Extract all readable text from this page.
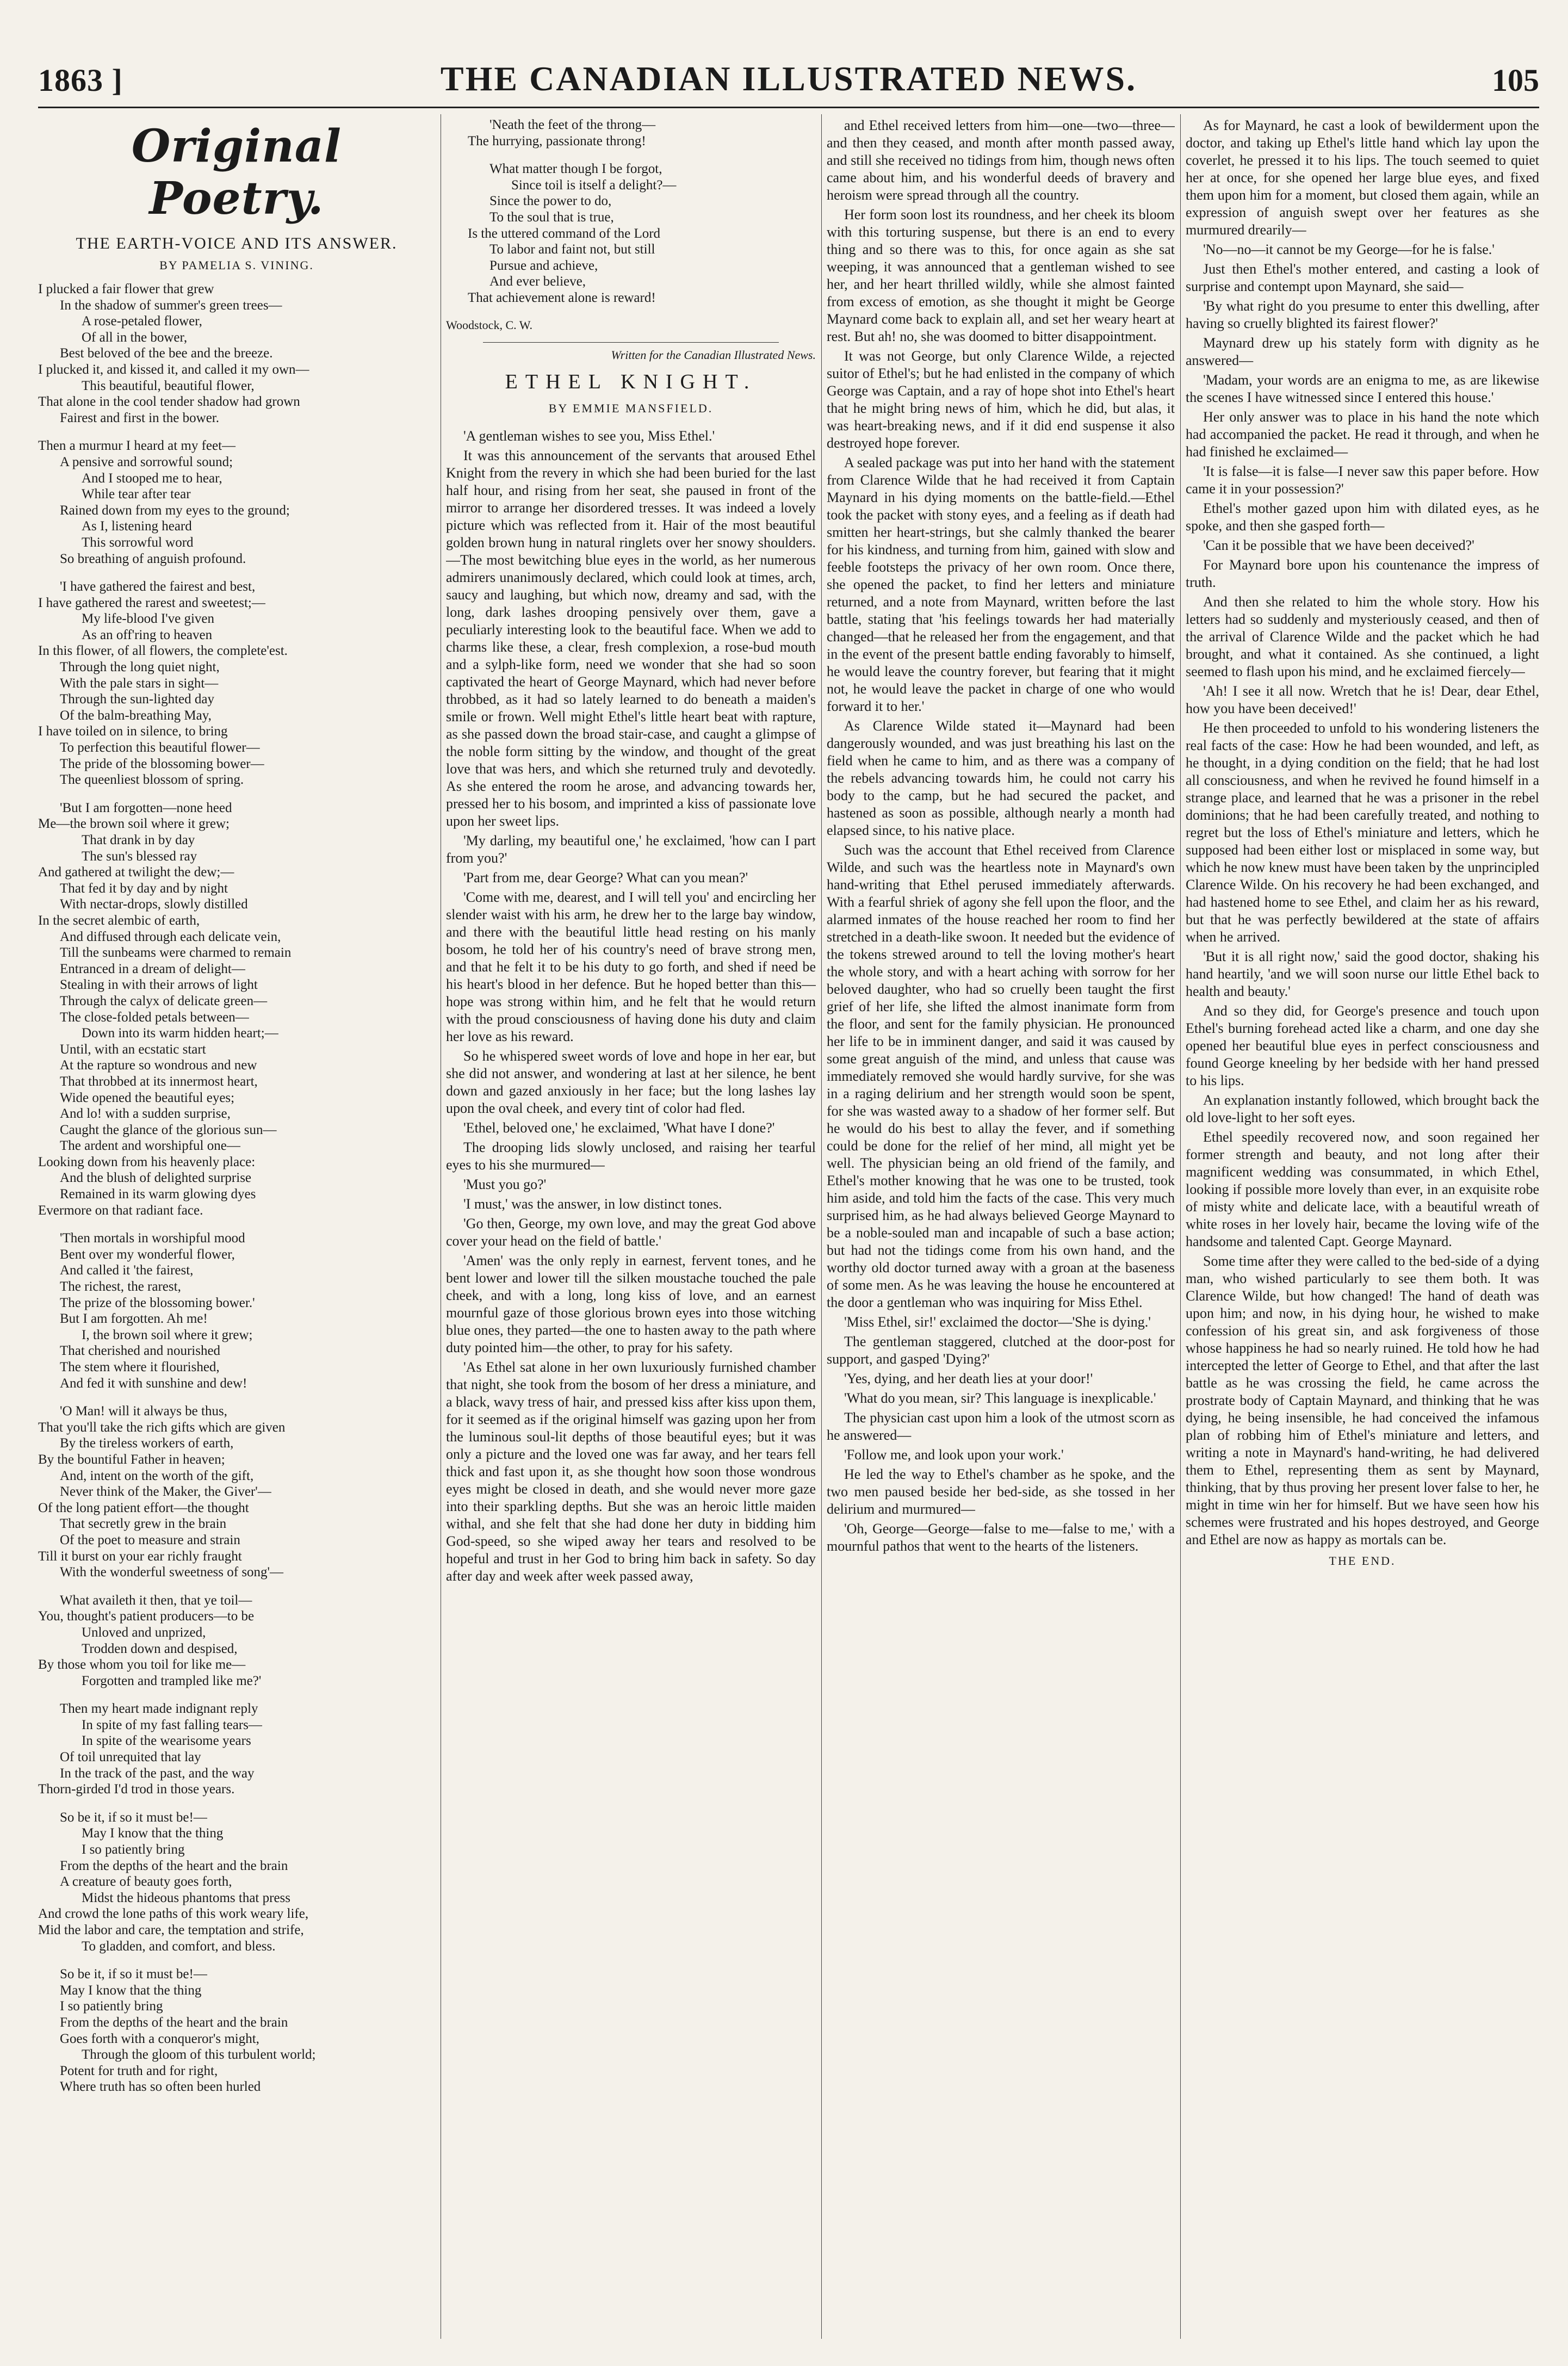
1863 ]	THE CANADIAN ILLUSTRATED NEWS.	105
Original Poetry.
THE EARTH-VOICE AND ITS ANSWER.
BY PAMELIA S. VINING.
I plucked a fair flower that grew
In the shadow of summer's green trees—
A rose-petaled flower,
Of all in the bower,
Best beloved of the bee and the breeze.
I plucked it, and kissed it, and called it my own—
This beautiful, beautiful flower,
That alone in the cool tender shadow had grown
Fairest and first in the bower.
Then a murmur I heard at my feet—
A pensive and sorrowful sound;
And I stooped me to hear,
While tear after tear
Rained down from my eyes to the ground;
As I, listening heard
This sorrowful word
So breathing of anguish profound.
'I have gathered the fairest and best,
I have gathered the rarest and sweetest;—
My life-blood I've given
As an off'ring to heaven
In this flower, of all flowers, the complete'est.
Through the long quiet night,
With the pale stars in sight—
Through the sun-lighted day
Of the balm-breathing May,
I have toiled on in silence, to bring
To perfection this beautiful flower—
The pride of the blossoming bower—
The queenliest blossom of spring.
'But I am forgotten—none heed
Me—the brown soil where it grew;
That drank in by day
The sun's blessed ray
And gathered at twilight the dew;—
That fed it by day and by night
With nectar-drops, slowly distilled
In the secret alembic of earth,
And diffused through each delicate vein,
Till the sunbeams were charmed to remain
Entranced in a dream of delight—
Stealing in with their arrows of light
Through the calyx of delicate green—
The close-folded petals between—
Down into its warm hidden heart;—
Until, with an ecstatic start
At the rapture so wondrous and new
That throbbed at its innermost heart,
Wide opened the beautiful eyes;
And lo! with a sudden surprise,
Caught the glance of the glorious sun—
The ardent and worshipful one—
Looking down from his heavenly place:
And the blush of delighted surprise
Remained in its warm glowing dyes
Evermore on that radiant face.
'Then mortals in worshipful mood
Bent over my wonderful flower,
And called it 'the fairest,
The richest, the rarest,
The prize of the blossoming bower.'
But I am forgotten. Ah me!
I, the brown soil where it grew;
That cherished and nourished
The stem where it flourished,
And fed it with sunshine and dew!
'O Man! will it always be thus,
That you'll take the rich gifts which are given
By the tireless workers of earth,
By the bountiful Father in heaven;
And, intent on the worth of the gift,
Never think of the Maker, the Giver'—
Of the long patient effort—the thought
That secretly grew in the brain
Of the poet to measure and strain
Till it burst on your ear richly fraught
With the wonderful sweetness of song'—
What availeth it then, that ye toil—
You, thought's patient producers—to be
Unloved and unprized,
Trodden down and despised,
By those whom you toil for like me—
Forgotten and trampled like me?'
Then my heart made indignant reply
In spite of my fast falling tears—
In spite of the wearisome years
Of toil unrequited that lay
In the track of the past, and the way
Thorn-girded I'd trod in those years.
So be it, if so it must be!—
May I know that the thing
I so patiently bring
From the depths of the heart and the brain
A creature of beauty goes forth,
Midst the hideous phantoms that press
And crowd the lone paths of this work weary life,
Mid the labor and care, the temptation and strife,
To gladden, and comfort, and bless.
So be it, if so it must be!—
May I know that the thing
I so patiently bring
From the depths of the heart and the brain
Goes forth with a conqueror's might,
Through the gloom of this turbulent world;
Potent for truth and for right,
Where truth has so often been hurled
'Neath the feet of the throng—
The hurrying, passionate throng!
What matter though I be forgot,
Since toil is itself a delight?—
Since the power to do,
To the soul that is true,
Is the uttered command of the Lord
To labor and faint not, but still
Pursue and achieve,
And ever believe,
That achievement alone is reward!
Woodstock, C. W.
Written for the Canadian Illustrated News.
ETHEL KNIGHT.
BY EMMIE MANSFIELD.

'A gentleman wishes to see you, Miss Ethel.'

It was this announcement of the servants that aroused Ethel Knight from the revery in which she had been buried for the last half hour, and rising from her seat, she paused in front of the mirror to arrange her disordered tresses. It was indeed a lovely picture which was reflected from it. Hair of the most beautiful golden brown hung in natural ringlets over her snowy shoulders.—The most bewitching blue eyes in the world, as her numerous admirers unanimously declared, which could look at times, arch, saucy and laughing, but which now, dreamy and sad, with the long, dark lashes drooping pensively over them, gave a peculiarly interesting look to the beautiful face. When we add to charms like these, a clear, fresh complexion, a rose-bud mouth and a sylph-like form, need we wonder that she had so soon captivated the heart of George Maynard, which had never before throbbed, as it had so lately learned to do beneath a maiden's smile or frown. Well might Ethel's little heart beat with rapture, as she passed down the broad stair-case, and caught a glimpse of the noble form sitting by the window, and thought of the great love that was hers, and which she returned truly and devotedly. As she entered the room he arose, and advancing towards her, pressed her to his bosom, and imprinted a kiss of passionate love upon her sweet lips.

'My darling, my beautiful one,' he exclaimed, 'how can I part from you?'

'Part from me, dear George? What can you mean?'

'Come with me, dearest, and I will tell you' and encircling her slender waist with his arm, he drew her to the large bay window, and there with the beautiful little head resting on his manly bosom, he told her of his country's need of brave strong men, and that he felt it to be his duty to go forth, and shed if need be his heart's blood in her defence. But he hoped better than this—hope was strong within him, and he felt that he would return with the proud consciousness of having done his duty and claim her love as his reward.

So he whispered sweet words of love and hope in her ear, but she did not answer, and wondering at last at her silence, he bent down and gazed anxiously in her face; but the long lashes lay upon the oval cheek, and every tint of color had fled.

'Ethel, beloved one,' he exclaimed, 'What have I done?'

The drooping lids slowly unclosed, and raising her tearful eyes to his she murmured—

'Must you go?'

'I must,' was the answer, in low distinct tones.

'Go then, George, my own love, and may the great God above cover your head on the field of battle.'

'Amen' was the only reply in earnest, fervent tones, and he bent lower and lower till the silken moustache touched the pale cheek, and with a long, long kiss of love, and an earnest mournful gaze of those glorious brown eyes into those witching blue ones, they parted—the one to hasten away to the path where duty pointed him—the other, to pray for his safety.

'As Ethel sat alone in her own luxuriously furnished chamber that night, she took from the bosom of her dress a miniature, and a black, wavy tress of hair, and pressed kiss after kiss upon them, for it seemed as if the original himself was gazing upon her from the luminous soul-lit depths of those beautiful eyes; but it was only a picture and the loved one was far away, and her tears fell thick and fast upon it, as she thought how soon those wondrous eyes might be closed in death, and she would never more gaze into their sparkling depths. But she was an heroic little maiden withal, and she felt that she had done her duty in bidding him God-speed, so she wiped away her tears and resolved to be hopeful and trust in her God to bring him back in safety. So day after day and week after week passed away,

and Ethel received letters from him—one—two—three—and then they ceased, and month after month passed away, and still she received no tidings from him, though news often came about him, and his wonderful deeds of bravery and heroism were spread through all the country.

Her form soon lost its roundness, and her cheek its bloom with this torturing suspense, but there is an end to every thing and so there was to this, for once again as she sat weeping, it was announced that a gentleman wished to see her, and her heart thrilled wildly, while she almost fainted from excess of emotion, as she thought it might be George Maynard come back to explain all, and set her weary heart at rest. But ah! no, she was doomed to bitter disappointment.

It was not George, but only Clarence Wilde, a rejected suitor of Ethel's; but he had enlisted in the company of which George was Captain, and a ray of hope shot into Ethel's heart that he might bring news of him, which he did, but alas, it was heart-breaking news, and if it did end suspense it also destroyed hope forever.

A sealed package was put into her hand with the statement from Clarence Wilde that he had received it from Captain Maynard in his dying moments on the battle-field.—Ethel took the packet with stony eyes, and a feeling as if death had smitten her heart-strings, but she calmly thanked the bearer for his kindness, and turning from him, gained with slow and feeble footsteps the privacy of her own room. Once there, she opened the packet, to find her letters and miniature returned, and a note from Maynard, written before the last battle, stating that 'his feelings towards her had materially changed—that he released her from the engagement, and that in the event of the present battle ending favorably to himself, he would leave the country forever, but fearing that it might not, he would leave the packet in charge of one who would forward it to her.'

As Clarence Wilde stated it—Maynard had been dangerously wounded, and was just breathing his last on the field when he came to him, and as there was a company of the rebels advancing towards him, he could not carry his body to the camp, but he had secured the packet, and hastened as soon as possible, although nearly a month had elapsed since, to his native place.

Such was the account that Ethel received from Clarence Wilde, and such was the heartless note in Maynard's own hand-writing that Ethel perused immediately afterwards. With a fearful shriek of agony she fell upon the floor, and the alarmed inmates of the house reached her room to find her stretched in a death-like swoon. It needed but the evidence of the tokens strewed around to tell the loving mother's heart the whole story, and with a heart aching with sorrow for her beloved daughter, who had so cruelly been taught the first grief of her life, she lifted the almost inanimate form from the floor, and sent for the family physician. He pronounced her life to be in imminent danger, and said it was caused by some great anguish of the mind, and unless that cause was immediately removed she would hardly survive, for she was in a raging delirium and her strength would soon be spent, for she was wasted away to a shadow of her former self. But he would do his best to allay the fever, and if something could be done for the relief of her mind, all might yet be well. The physician being an old friend of the family, and Ethel's mother knowing that he was one to be trusted, took him aside, and told him the facts of the case. This very much surprised him, as he had always believed George Maynard to be a noble-souled man and incapable of such a base action; but had not the tidings come from his own hand, and the worthy old doctor turned away with a groan at the baseness of some men. As he was leaving the house he encountered at the door a gentleman who was inquiring for Miss Ethel.

'Miss Ethel, sir!' exclaimed the doctor—'She is dying.'

The gentleman staggered, clutched at the door-post for support, and gasped 'Dying?'

'Yes, dying, and her death lies at your door!'

'What do you mean, sir? This language is inexplicable.'

The physician cast upon him a look of the utmost scorn as he answered—

'Follow me, and look upon your work.'

He led the way to Ethel's chamber as he spoke, and the two men paused beside her bed-side, as she tossed in her delirium and murmured—

'Oh, George—George—false to me—false to me,' with a mournful pathos that went to the hearts of the listeners.

As for Maynard, he cast a look of bewilderment upon the doctor, and taking up Ethel's little hand which lay upon the coverlet, he pressed it to his lips. The touch seemed to quiet her at once, for she opened her large blue eyes, and fixed them upon him for a moment, but closed them again, while an expression of anguish swept over her features as she murmured drearily—

'No—no—it cannot be my George—for he is false.'

Just then Ethel's mother entered, and casting a look of surprise and contempt upon Maynard, she said—

'By what right do you presume to enter this dwelling, after having so cruelly blighted its fairest flower?'

Maynard drew up his stately form with dignity as he answered—

'Madam, your words are an enigma to me, as are likewise the scenes I have witnessed since I entered this house.'

Her only answer was to place in his hand the note which had accompanied the packet. He read it through, and when he had finished he exclaimed—

'It is false—it is false—I never saw this paper before. How came it in your possession?'

Ethel's mother gazed upon him with dilated eyes, as he spoke, and then she gasped forth—

'Can it be possible that we have been deceived?'

For Maynard bore upon his countenance the impress of truth.

And then she related to him the whole story. How his letters had so suddenly and mysteriously ceased, and then of the arrival of Clarence Wilde and the packet which he had brought, and what it contained. As she continued, a light seemed to flash upon his mind, and he exclaimed fiercely—

'Ah! I see it all now. Wretch that he is! Dear, dear Ethel, how you have been deceived!'

He then proceeded to unfold to his wondering listeners the real facts of the case: How he had been wounded, and left, as he thought, in a dying condition on the field; that he had lost all consciousness, and when he revived he found himself in a strange place, and learned that he was a prisoner in the rebel dominions; that he had been carefully treated, and nothing to regret but the loss of Ethel's miniature and letters, which he supposed had been either lost or misplaced in some way, but which he now knew must have been taken by the unprincipled Clarence Wilde. On his recovery he had been exchanged, and had hastened home to see Ethel, and claim her as his reward, but that he was perfectly bewildered at the state of affairs when he arrived.

'But it is all right now,' said the good doctor, shaking his hand heartily, 'and we will soon nurse our little Ethel back to health and beauty.'

And so they did, for George's presence and touch upon Ethel's burning forehead acted like a charm, and one day she opened her beautiful blue eyes in perfect consciousness and found George kneeling by her bedside with her hand pressed to his lips.

An explanation instantly followed, which brought back the old love-light to her soft eyes.

Ethel speedily recovered now, and soon regained her former strength and beauty, and not long after their magnificent wedding was consummated, in which Ethel, looking if possible more lovely than ever, in an exquisite robe of misty white and delicate lace, with a beautiful wreath of white roses in her lovely hair, became the loving wife of the handsome and talented Capt. George Maynard.

Some time after they were called to the bed-side of a dying man, who wished particularly to see them both. It was Clarence Wilde, but how changed! The hand of death was upon him; and now, in his dying hour, he wished to make confession of his great sin, and ask forgiveness of those whose happiness he had so nearly ruined. He told how he had intercepted the letter of George to Ethel, and that after the last battle as he was crossing the field, he came across the prostrate body of Captain Maynard, and thinking that he was dying, he being insensible, he had conceived the infamous plan of robbing him of Ethel's miniature and letters, and writing a note in Maynard's hand-writing, he had delivered them to Ethel, representing them as sent by Maynard, thinking, that by thus proving her present lover false to her, he might in time win her for himself. But we have seen how his schemes were frustrated and his hopes destroyed, and George and Ethel are now as happy as mortals can be.

THE END.
